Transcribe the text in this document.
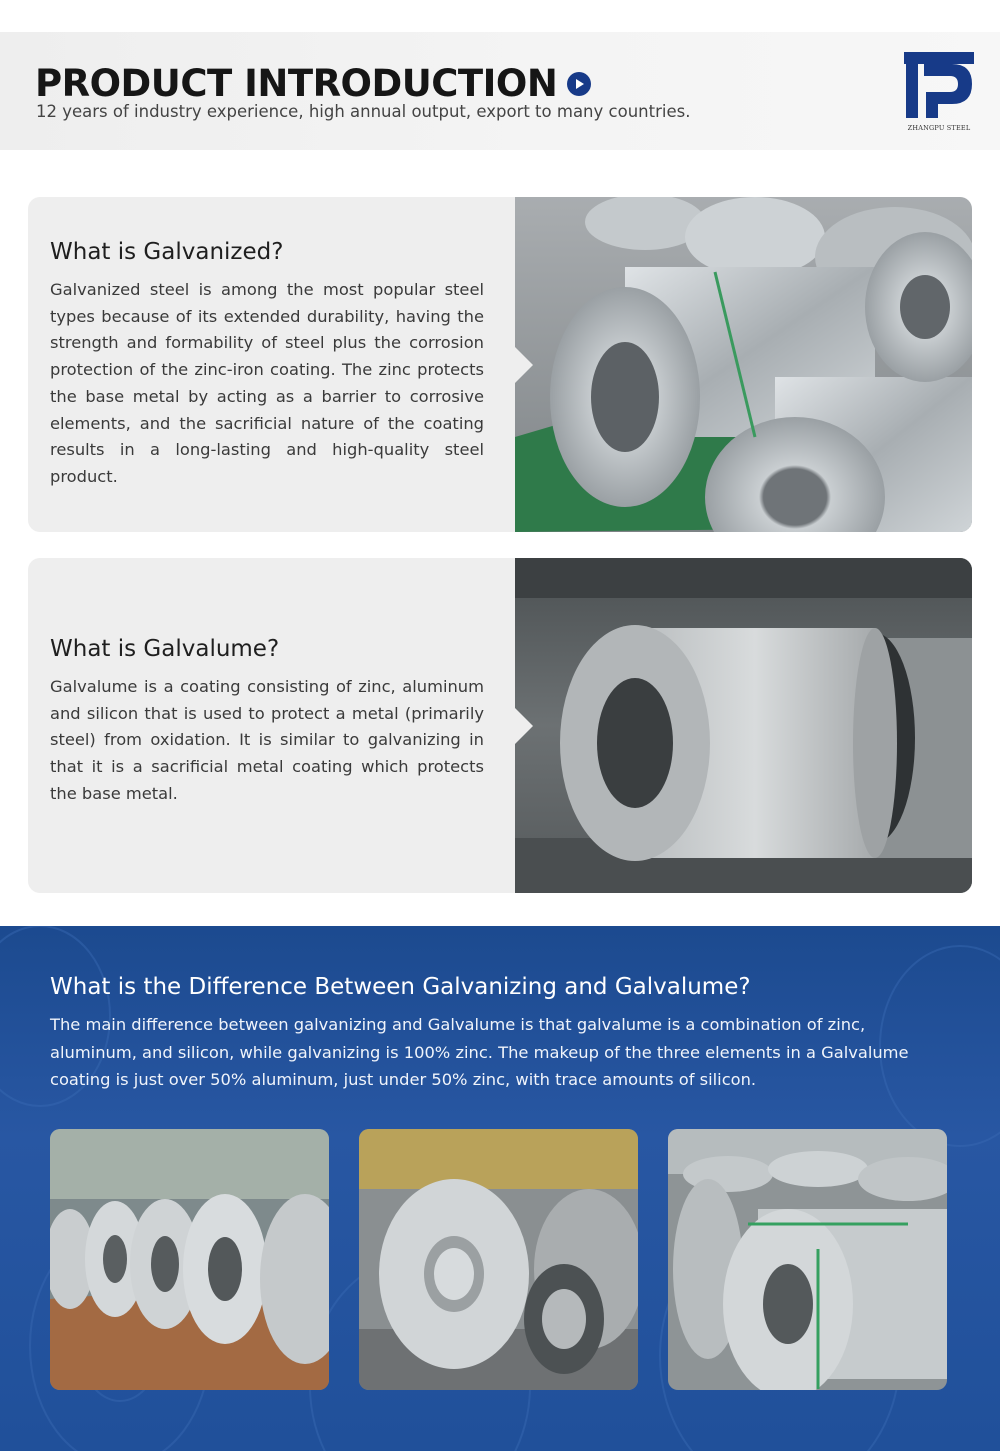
PRODUCT INTRODUCTION
12 years of industry experience, high annual output, export to many countries.
ZHANGPU STEEL
What is Galvanized?

Galvanized steel is among the most popular steel types because of its extended durability, having the strength and formability of steel plus the corrosion protection of the zinc-iron coating. The zinc protects the base metal by acting as a barrier to corrosive elements, and the sacrificial nature of the coating results in a long-lasting and high-quality steel product.

What is Galvalume?

Galvalume is a coating consisting of zinc, aluminum and silicon that is used to protect a metal (primarily steel) from oxidation. It is similar to galvanizing in that it is a sacrificial metal coating which protects the base metal.

What is the Difference Between Galvanizing and Galvalume?

The main difference between galvanizing and Galvalume is that galvalume is a combination of zinc, aluminum, and silicon, while galvanizing is 100% zinc. The makeup of the three elements in a Galvalume coating is just over 50% aluminum, just under 50% zinc, with trace amounts of silicon.
